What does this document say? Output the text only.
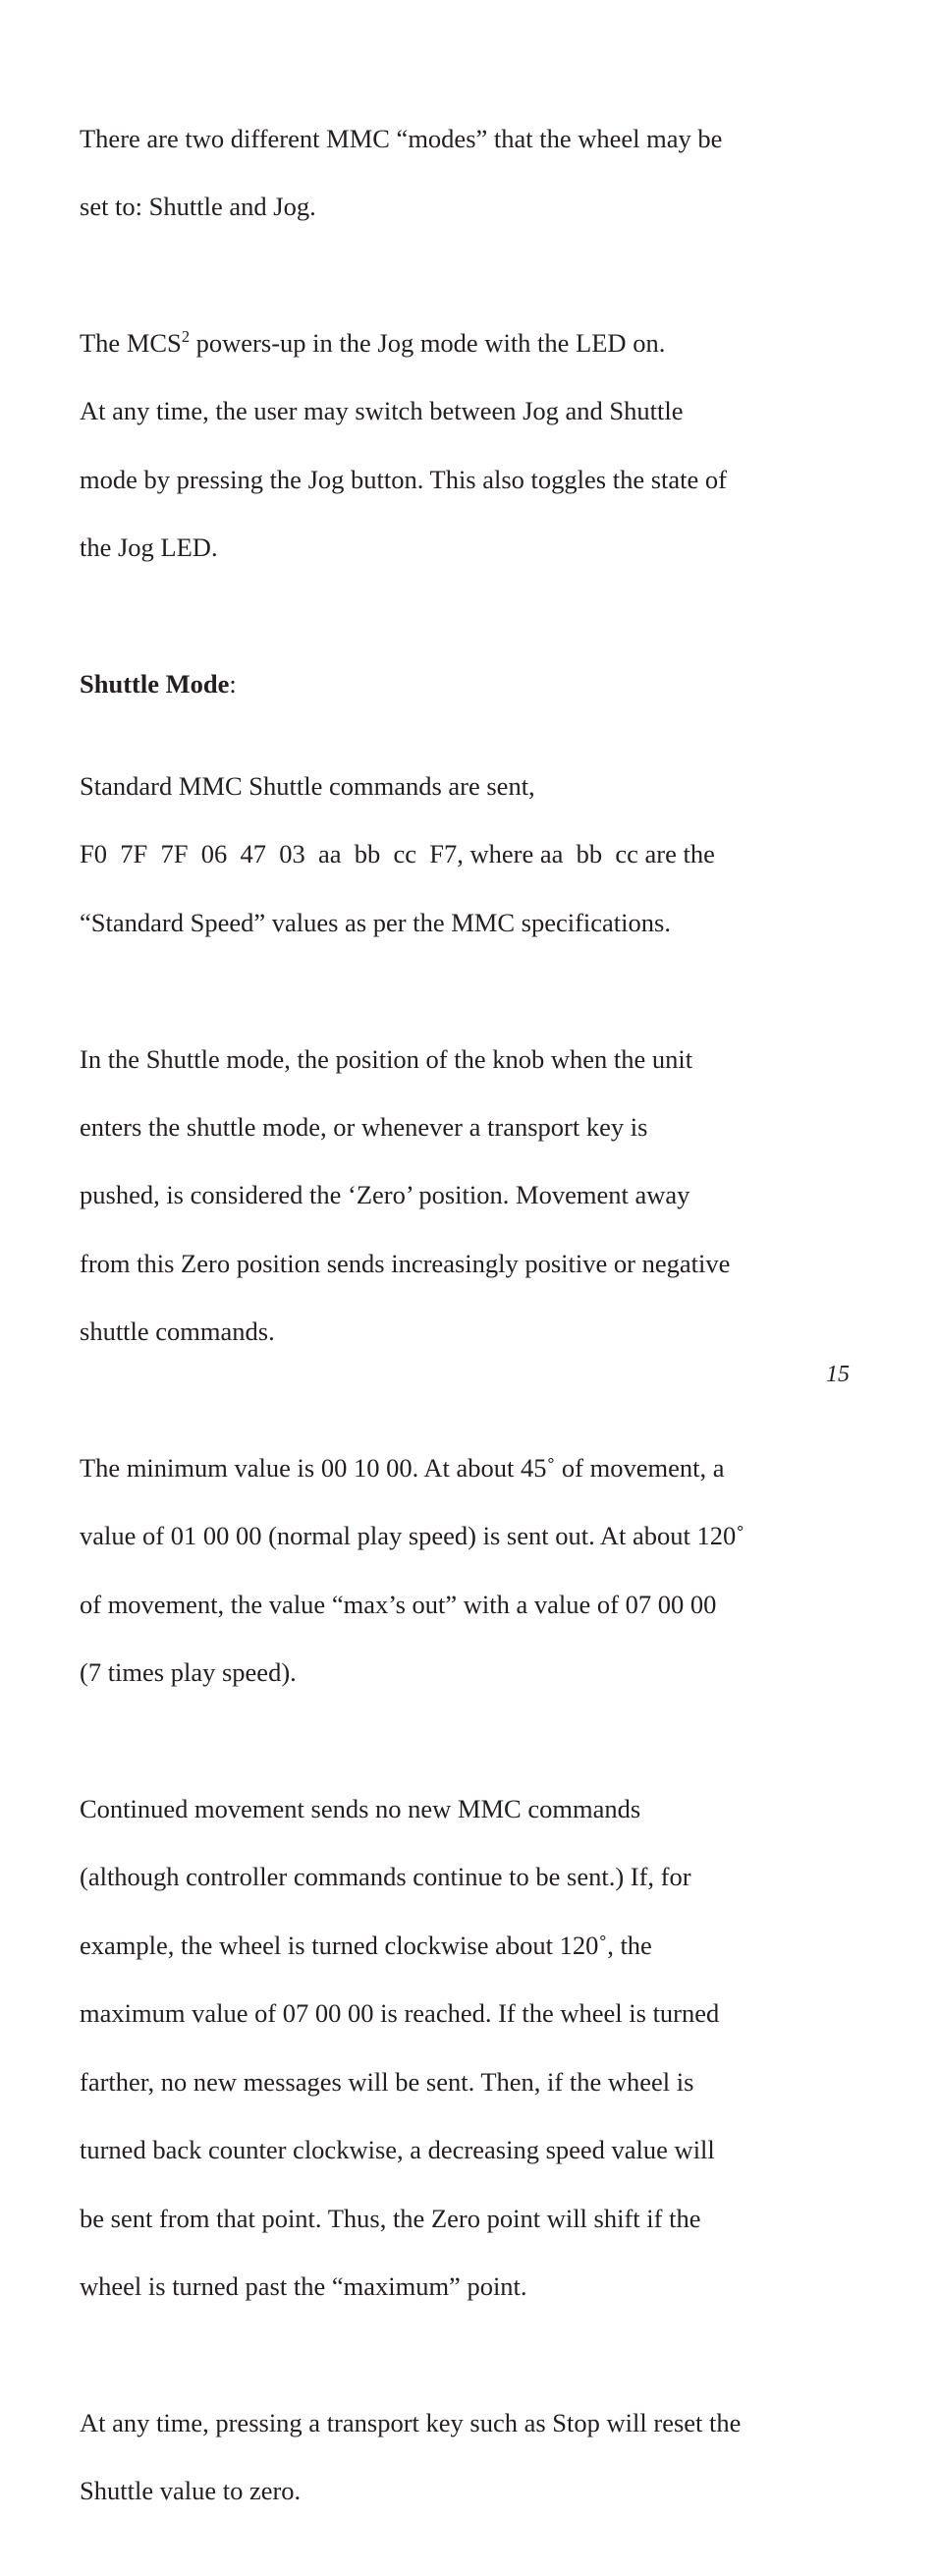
There are two different MMC “modes” that the wheel may be

set to: Shuttle and Jog.

The MCS$^2$ powers-up in the Jog mode with the LED on.

At any time, the user may switch between Jog and Shuttle

mode by pressing the Jog button. This also toggles the state of

the Jog LED.

Shuttle Mode:

Standard MMC Shuttle commands are sent,

F0  7F  7F  06  47  03  aa  bb  cc  F7, where aa  bb  cc are the

“Standard Speed” values as per the MMC specifications.

In the Shuttle mode, the position of the knob when the unit

enters the shuttle mode, or whenever a transport key is

pushed, is considered the ‘Zero’ position. Movement away

from this Zero position sends increasingly positive or negative

shuttle commands.

The minimum value is 00 10 00. At about 45˚ of movement, a

value of 01 00 00 (normal play speed) is sent out. At about 120˚

of movement, the value “max’s out” with a value of 07 00 00

(7 times play speed).

Continued movement sends no new MMC commands

(although controller commands continue to be sent.) If, for

example, the wheel is turned clockwise about 120˚, the

maximum value of 07 00 00 is reached. If the wheel is turned

farther, no new messages will be sent. Then, if the wheel is

turned back counter clockwise, a decreasing speed value will

be sent from that point. Thus, the Zero point will shift if the

wheel is turned past the “maximum” point.

At any time, pressing a transport key such as Stop will reset the

Shuttle value to zero.

15
